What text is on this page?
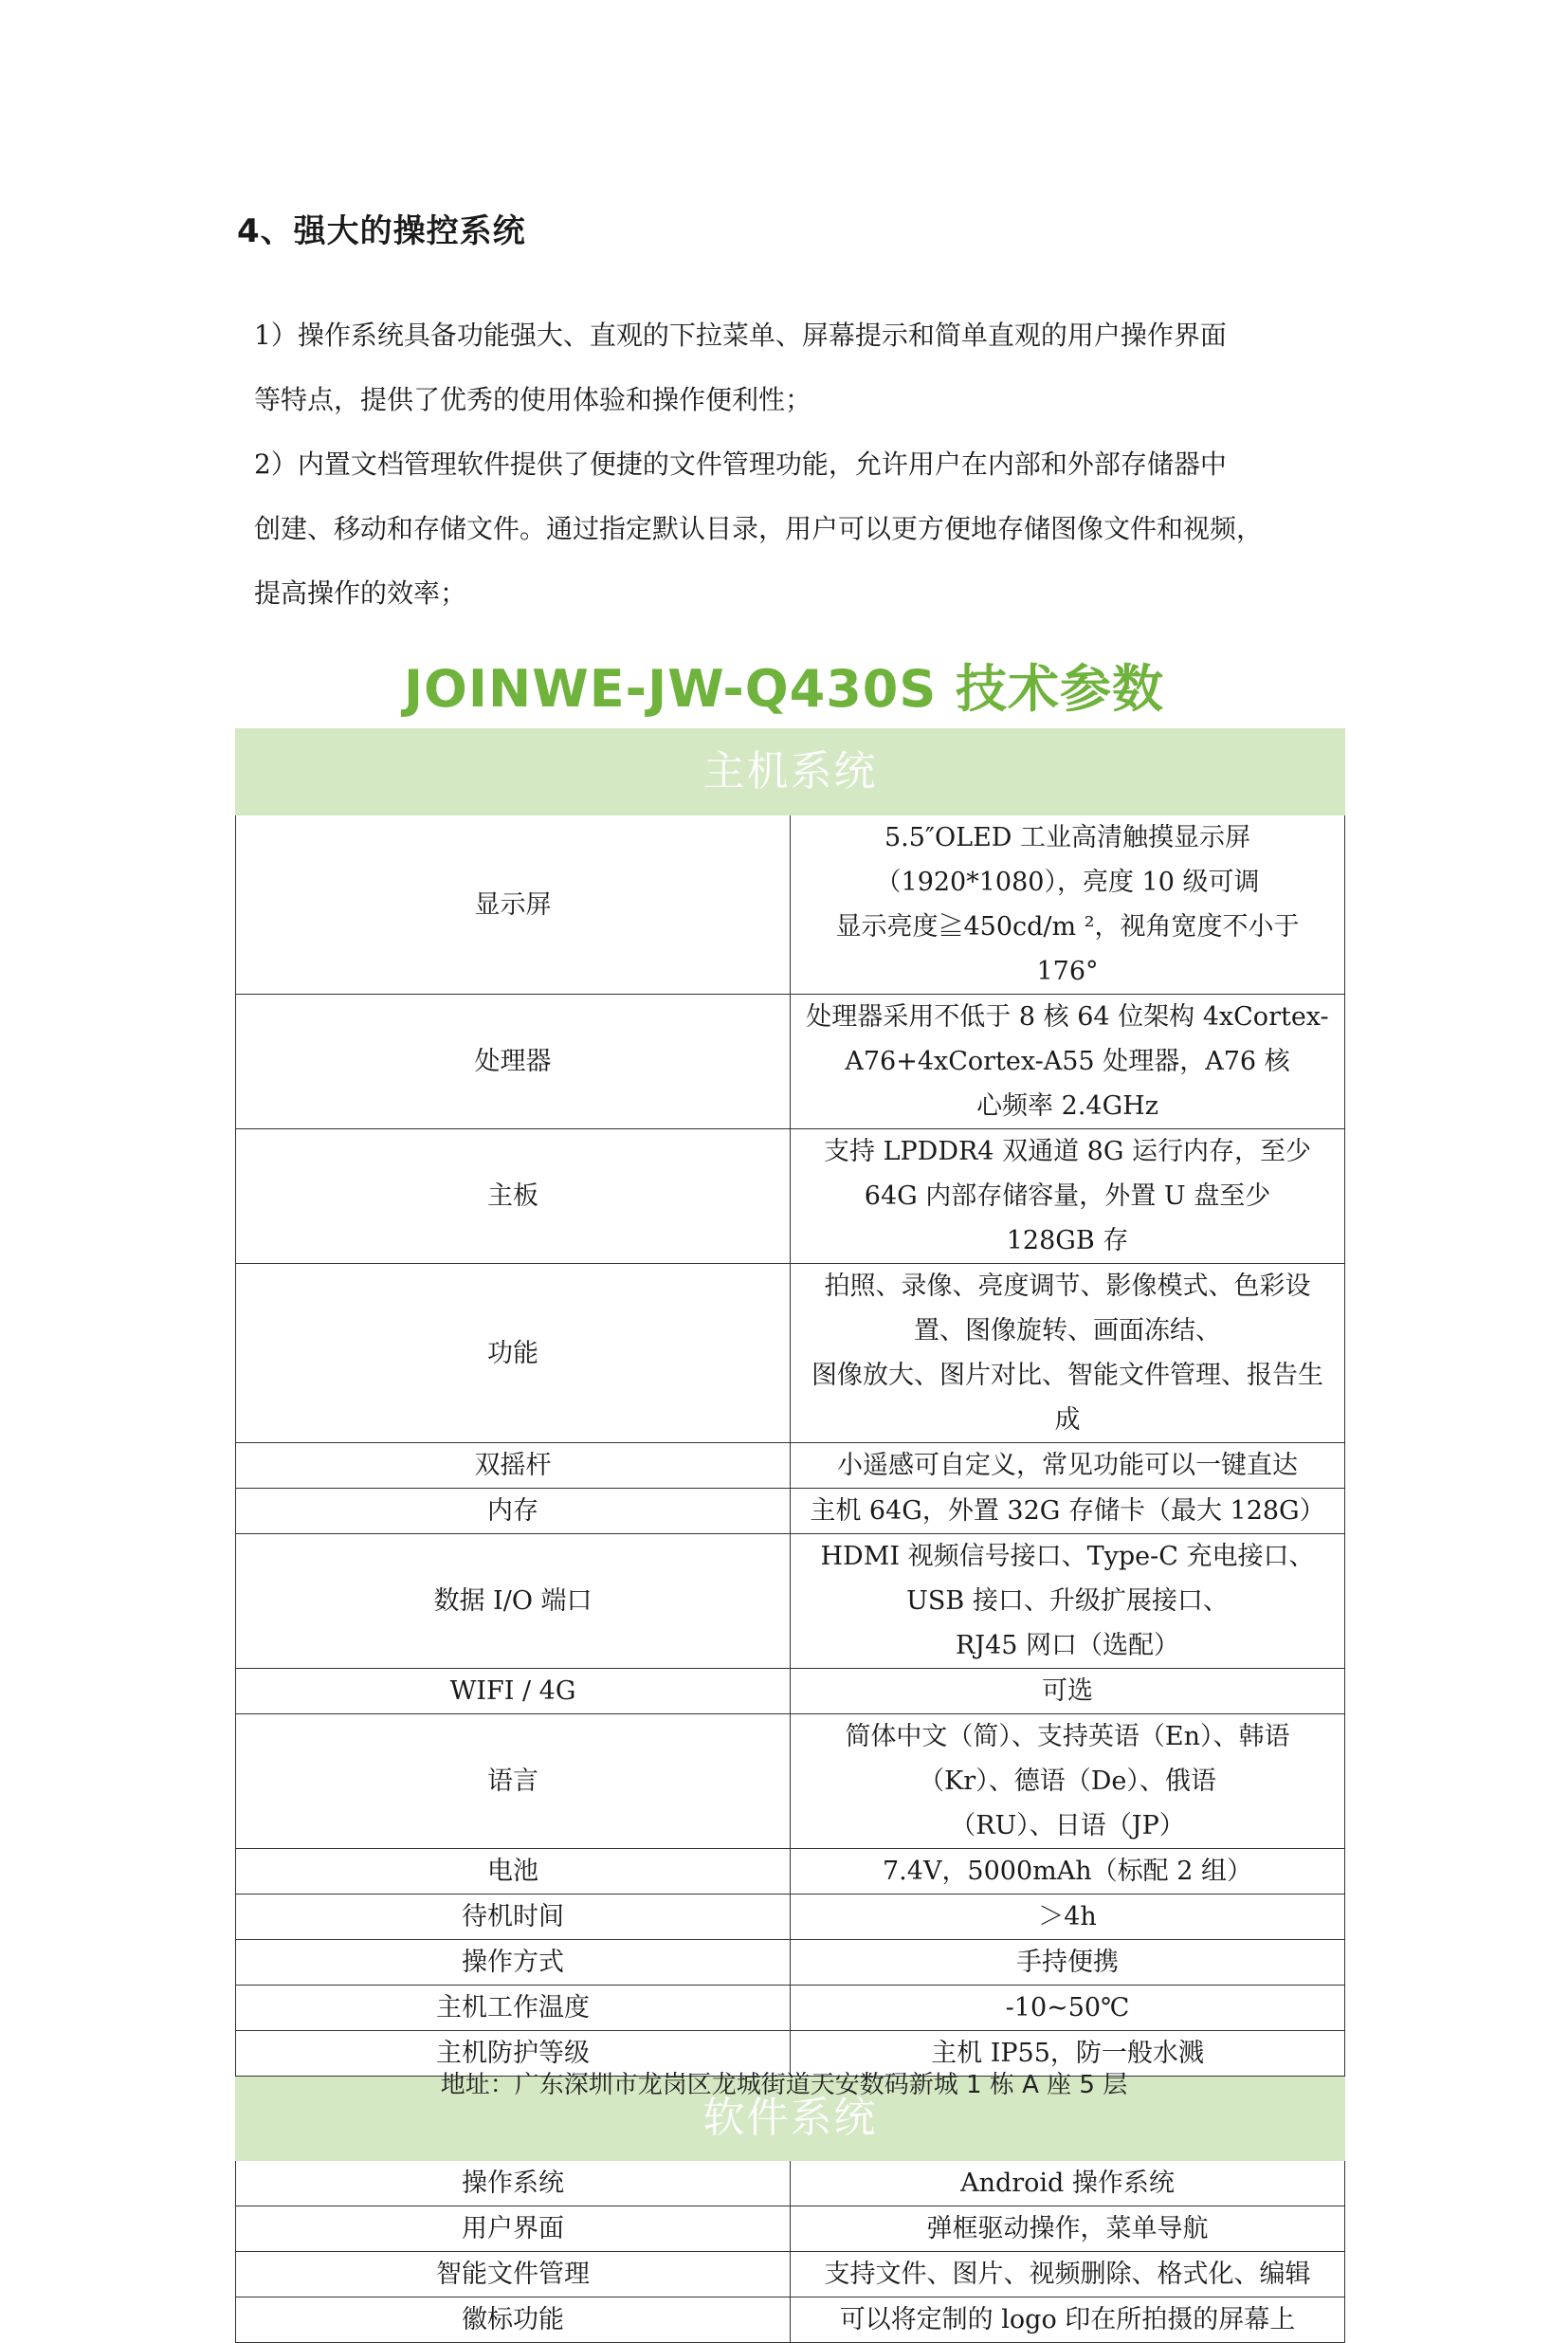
4、强大的操控系统

1）操作系统具备功能强大、直观的下拉菜单、屏幕提示和简单直观的用户操作界面

等特点，提供了优秀的使用体验和操作便利性；

2）内置文档管理软件提供了便捷的文件管理功能，允许用户在内部和外部存储器中

创建、移动和存储文件。通过指定默认目录，用户可以更方便地存储图像文件和视频，

提高操作的效率；

JOINWE-JW-Q430S 技术参数
主机系统	
显示屏	5.5″OLED 工业高清触摸显示屏（1920*1080），亮度 10 级可调
显示亮度≧450cd/m ²，视角宽度不小于 176°

处理器	处理器采用不低于 8 核 64 位架构 4xCortex-A76+4xCortex-A55 处理器，A76 核
心频率 2.4GHz

主板	支持 LPDDR4 双通道 8G 运行内存，至少 64G 内部存储容量，外置 U 盘至少
128GB 存

功能	拍照、录像、亮度调节、影像模式、色彩设置、图像旋转、画面冻结、
图像放大、图片对比、智能文件管理、报告生成

双摇杆	小遥感可自定义，常见功能可以一键直达

内存	主机 64G，外置 32G 存储卡（最大 128G）

数据 I/O 端口	HDMI 视频信号接口、Type-C 充电接口、USB 接口、升级扩展接口、
RJ45 网口（选配）

WIFI / 4G	可选

语言	简体中文（简）、支持英语（En）、韩语（Kr）、德语（De）、俄语
（RU）、日语（JP）

电池	7.4V，5000mAh（标配 2 组）

待机时间	＞4h

操作方式	手持便携

主机工作温度	-10~50℃

主机防护等级	主机 IP55，防一般水溅

软件系统	
操作系统	Android 操作系统

用户界面	弹框驱动操作，菜单导航

智能文件管理	支持文件、图片、视频删除、格式化、编辑

徽标功能	可以将定制的 logo 印在所拍摄的屏幕上

地址：广东深圳市龙岗区龙城街道天安数码新城 1 栋 A 座 5 层
